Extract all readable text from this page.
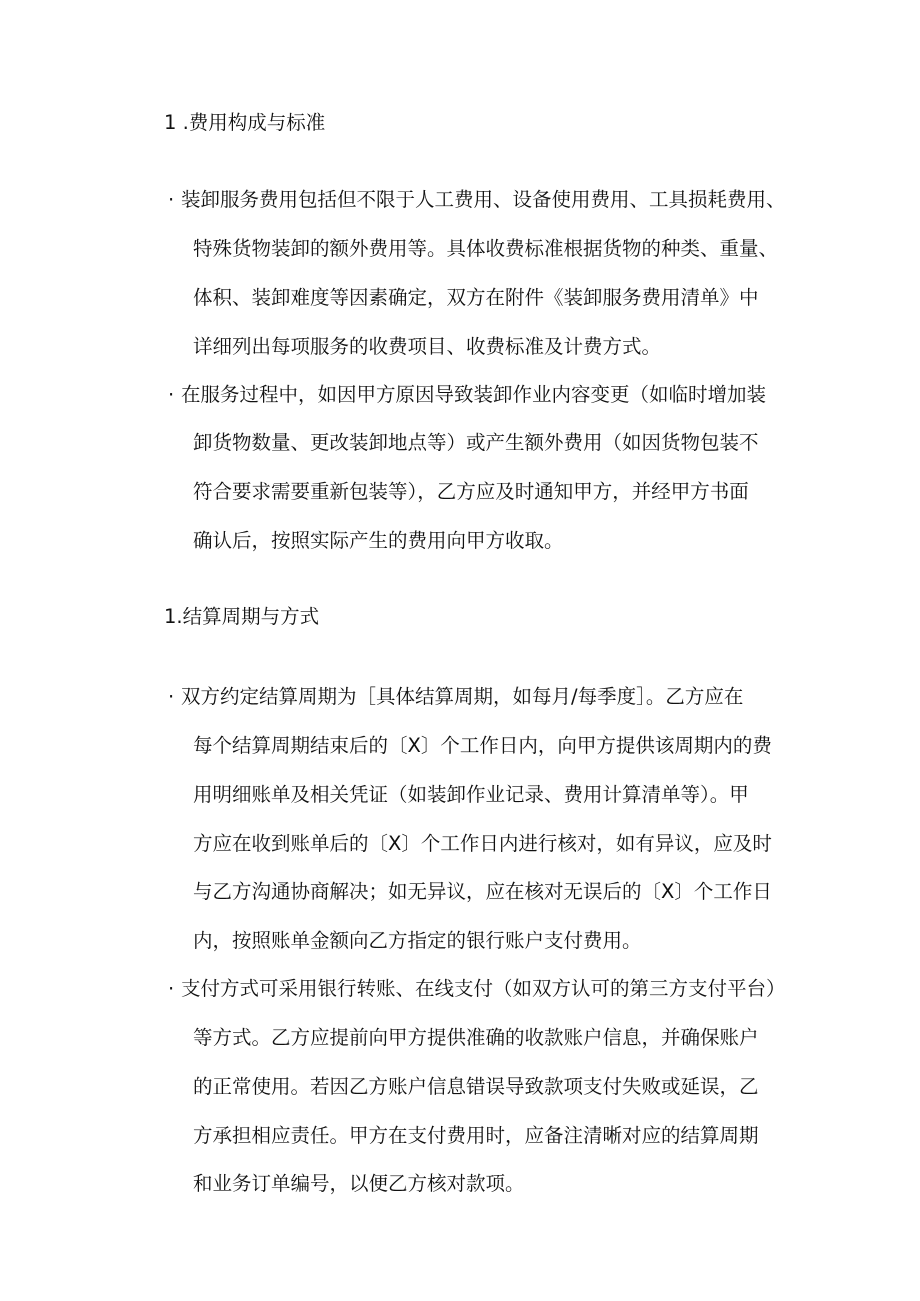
1 .费用构成与标准
· 装卸服务费用包括但不限于人工费用、设备使用费用、工具损耗费用、
特殊货物装卸的额外费用等。具体收费标准根据货物的种类、重量、
体积、装卸难度等因素确定，双方在附件《装卸服务费用清单》中
详细列出每项服务的收费项目、收费标准及计费方式。
· 在服务过程中，如因甲方原因导致装卸作业内容变更（如临时增加装
卸货物数量、更改装卸地点等）或产生额外费用（如因货物包装不
符合要求需要重新包装等），乙方应及时通知甲方，并经甲方书面
确认后，按照实际产生的费用向甲方收取。
1.结算周期与方式
· 双方约定结算周期为［具体结算周期，如每月/每季度］。乙方应在
每个结算周期结束后的〔X〕个工作日内，向甲方提供该周期内的费
用明细账单及相关凭证（如装卸作业记录、费用计算清单等）。甲
方应在收到账单后的〔X〕个工作日内进行核对，如有异议，应及时
与乙方沟通协商解决；如无异议，应在核对无误后的〔X〕个工作日
内，按照账单金额向乙方指定的银行账户支付费用。
· 支付方式可采用银行转账、在线支付（如双方认可的第三方支付平台）
等方式。乙方应提前向甲方提供准确的收款账户信息，并确保账户
的正常使用。若因乙方账户信息错误导致款项支付失败或延误，乙
方承担相应责任。甲方在支付费用时，应备注清晰对应的结算周期
和业务订单编号，以便乙方核对款项。
